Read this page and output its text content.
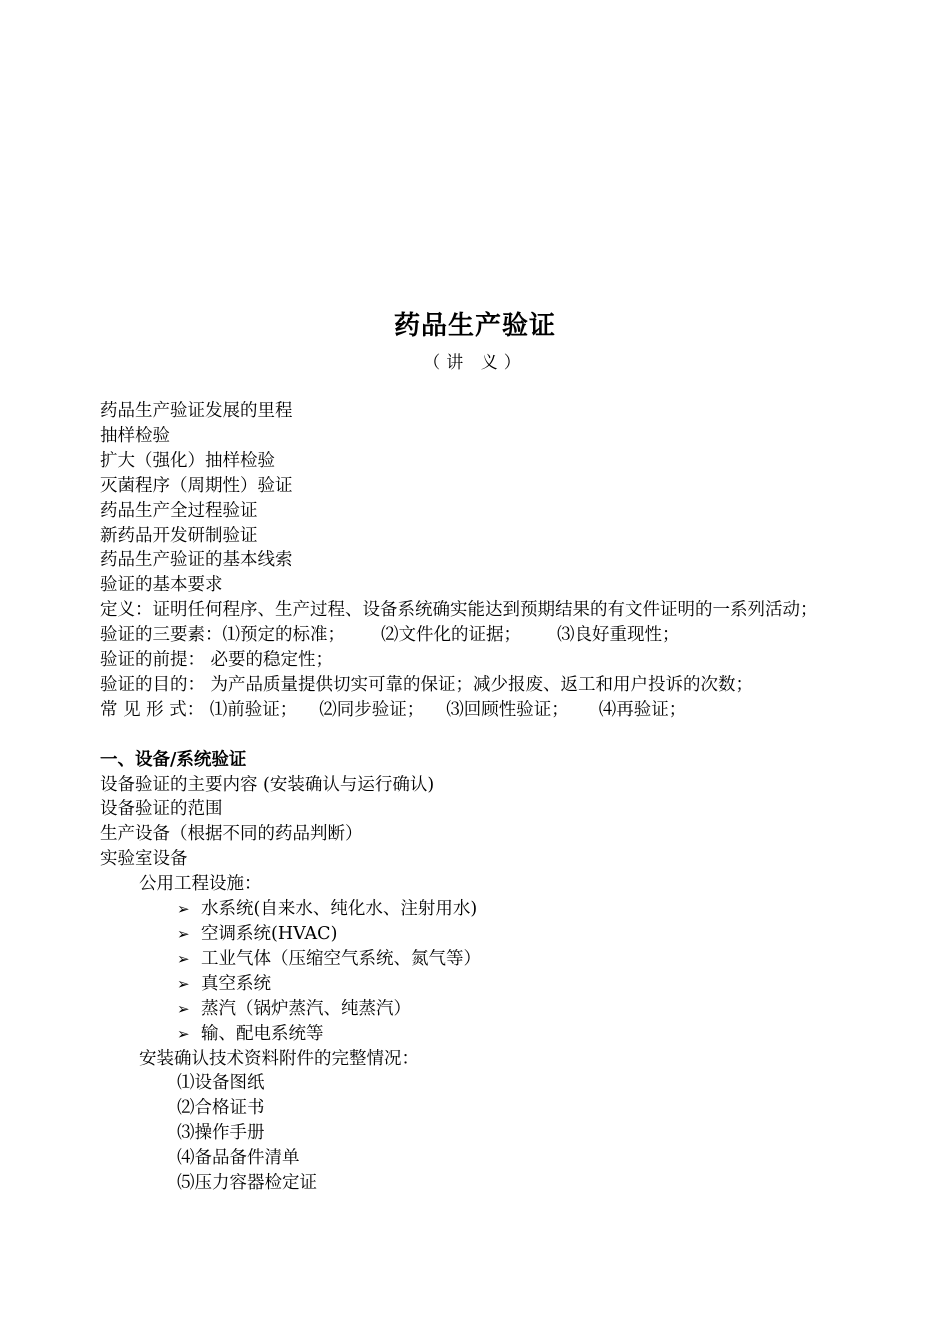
药品生产验证
（讲 义）
药品生产验证发展的里程
抽样检验
扩大（强化）抽样检验
灭菌程序（周期性）验证
药品生产全过程验证
新药品开发研制验证
药品生产验证的基本线索
验证的基本要求
定义：证明任何程序、生产过程、设备系统确实能达到预期结果的有文件证明的一系列活动；
验证的三要素：⑴预定的标准； ⑵文件化的证据； ⑶良好重现性；
验证的前提： 必要的稳定性；
验证的目的： 为产品质量提供切实可靠的保证；减少报废、返工和用户投诉的次数；
常 见 形 式： ⑴前验证； ⑵同步验证； ⑶回顾性验证； ⑷再验证；
一、设备/系统验证
设备验证的主要内容 (安装确认与运行确认)
设备验证的范围
生产设备（根据不同的药品判断）
实验室设备
公用工程设施：
➢ 水系统(自来水、纯化水、注射用水)
➢ 空调系统(HVAC)
➢ 工业气体（压缩空气系统、氮气等）
➢ 真空系统
➢ 蒸汽（锅炉蒸汽、纯蒸汽）
➢ 输、配电系统等
安装确认技术资料附件的完整情况：
⑴设备图纸
⑵合格证书
⑶操作手册
⑷备品备件清单
⑸压力容器检定证
